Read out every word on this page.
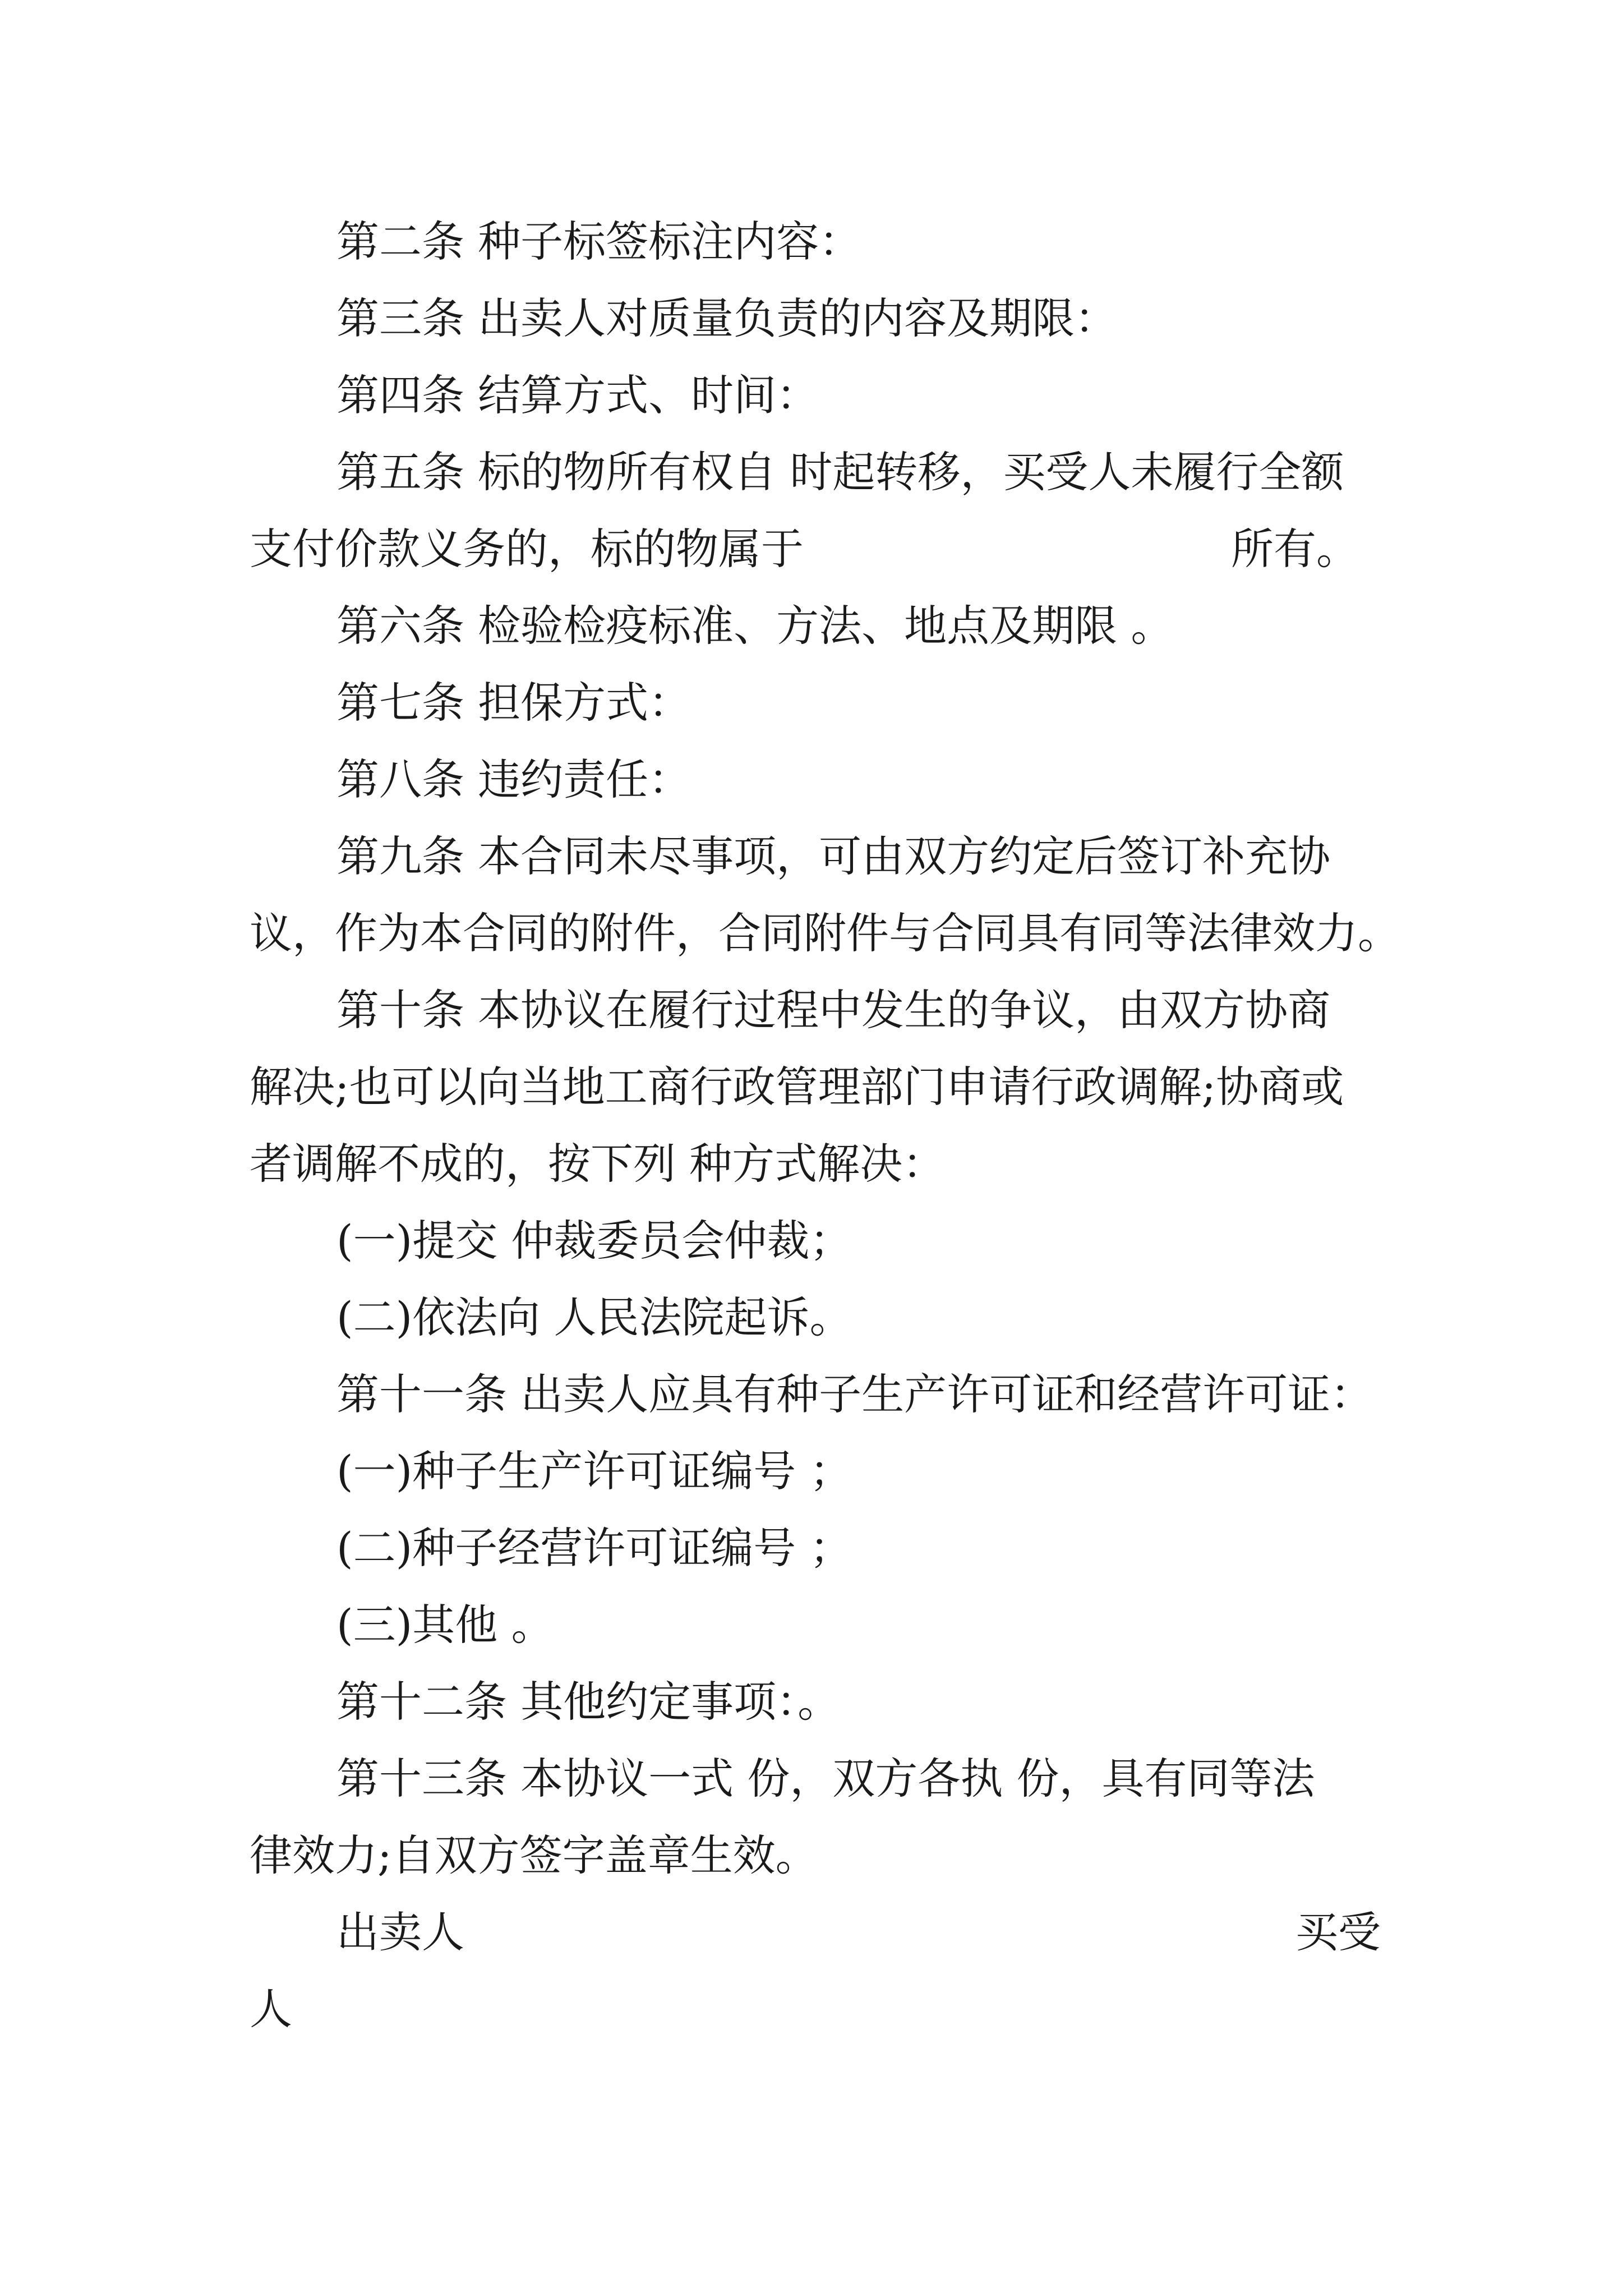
第二条 种子标签标注内容：

第三条 出卖人对质量负责的内容及期限：

第四条 结算方式、时间：

第五条 标的物所有权自 时起转移，买受人未履行全额

支付价款义务的，标的物属于	所有。

第六条 检验检疫标准、方法、地点及期限 。

第七条 担保方式：

第八条 违约责任：

第九条 本合同未尽事项，可由双方约定后签订补充协

议，作为本合同的附件，合同附件与合同具有同等法律效力。

第十条 本协议在履行过程中发生的争议，由双方协商

解决;也可以向当地工商行政管理部门申请行政调解;协商或

者调解不成的，按下列 种方式解决：

(一)提交 仲裁委员会仲裁；

(二)依法向 人民法院起诉。

第十一条 出卖人应具有种子生产许可证和经营许可证：

(一)种子生产许可证编号 ；

(二)种子经营许可证编号 ；

(三)其他 。

第十二条 其他约定事项：。

第十三条 本协议一式 份，双方各执 份，具有同等法

律效力;自双方签字盖章生效。

出卖人	买受

人
